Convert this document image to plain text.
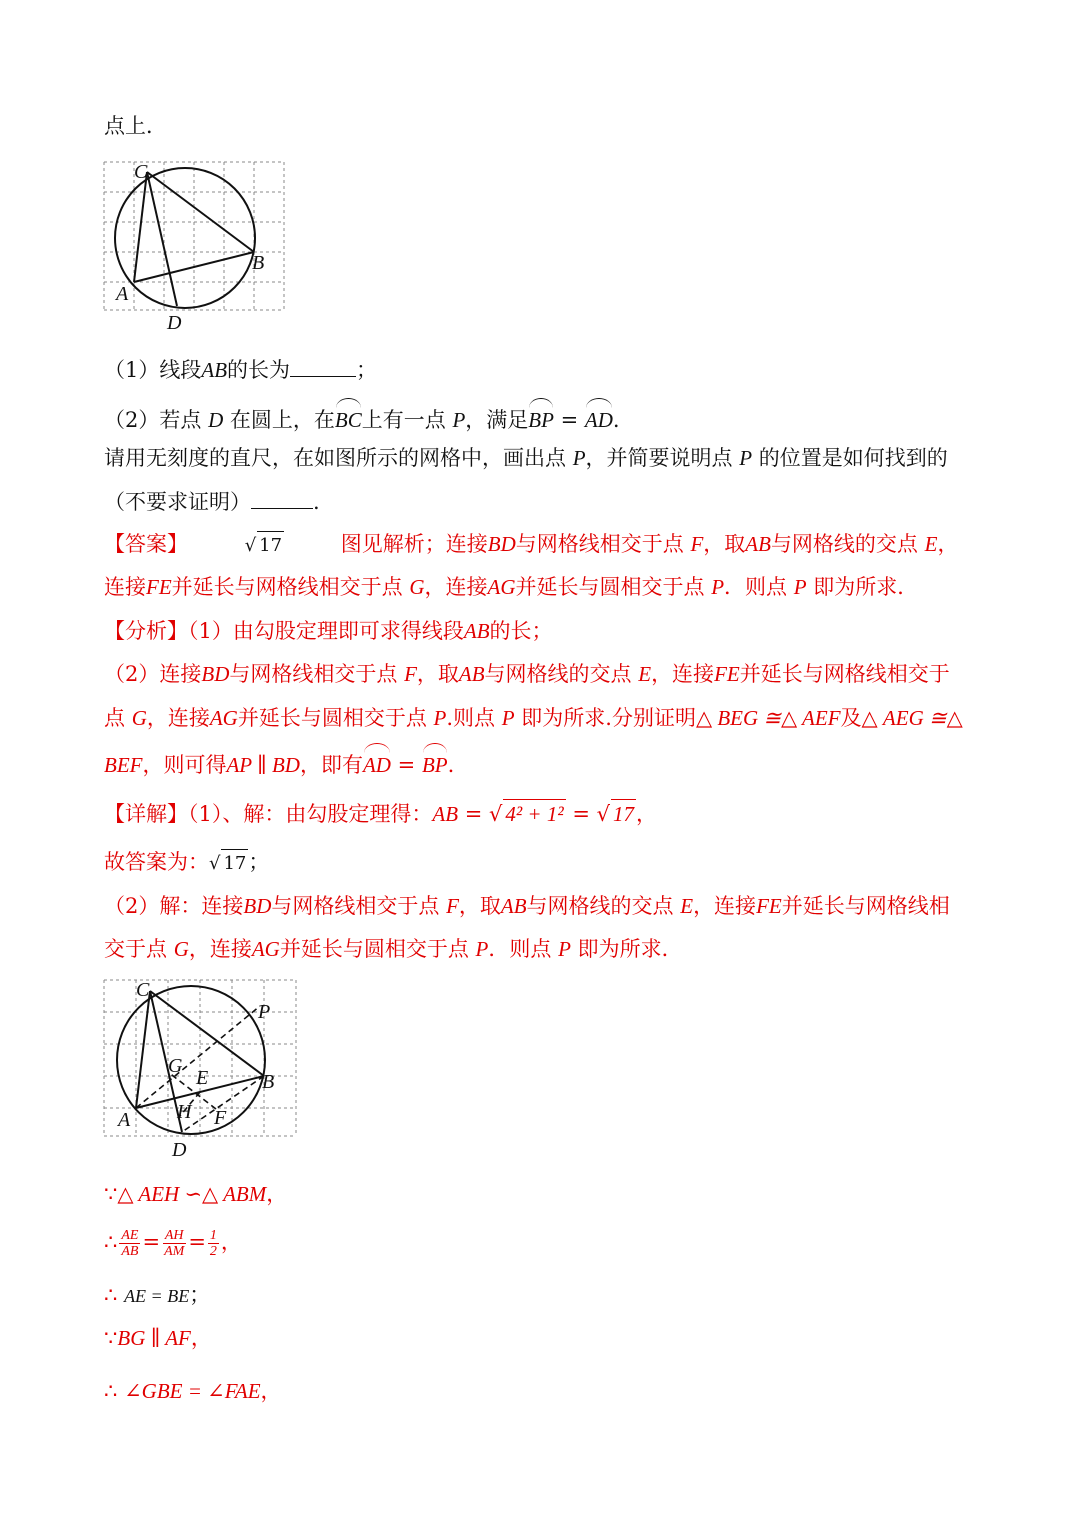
点上．
C
B
A
D
（1）线段AB的长为	；
（2）若点 D 在圆上，在BC上有一点 P，满足BP = AD.
请用无刻度的直尺，在如图所示的网格中，画出点 P，并简要说明点 P 的位置是如何找到的
（不要求证明）	.
【答案】	√ 17	图见解析；连接BD与网格线相交于点 F，取AB与网格线的交点 E，
连接FE并延长与网格线相交于点 G，连接AG并延长与圆相交于点 P．则点 P 即为所求．
【分析】（1）由勾股定理即可求得线段AB的长；
（2）连接BD与网格线相交于点 F，取AB与网格线的交点 E，连接FE并延长与网格线相交于
点 G，连接AG并延长与圆相交于点 P.则点 P 即为所求.分别证明△ BEG ≅△ AEF及△ AEG ≅△
BEF，则可得AP ∥ BD，即有AD = BP.
【详解】（1）、解：由勾股定理得：AB = √ 4² + 1² = √ 17，
故答案为：√ 17；
（2）解：连接BD与网格线相交于点 F，取AB与网格线的交点 E，连接FE并延长与网格线相
交于点 G，连接AG并延长与圆相交于点 P．则点 P 即为所求．
C
P
G
E	B
A H F
D
∵△ AEH ∽△ ABM，
∴ $\frac{AE}{AB} = \frac{AH}{AM} = \frac{1}{2}$ ，
∴ AE = BE；
∵BG ∥ AF，
∴ ∠GBE = ∠FAE，
